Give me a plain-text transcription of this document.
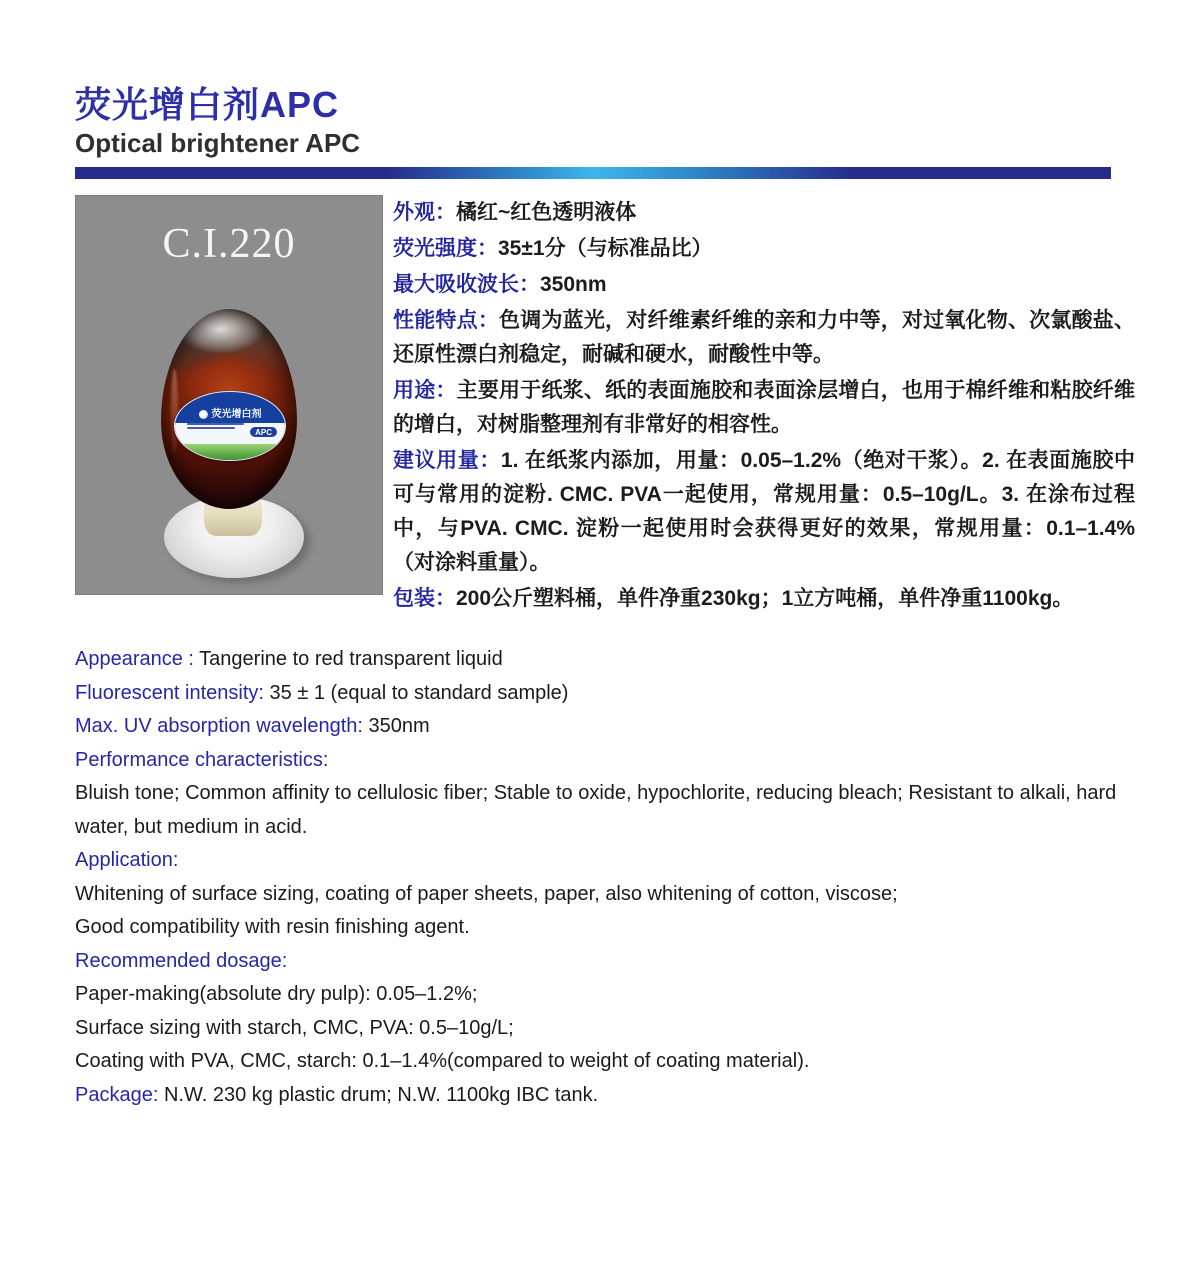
荧光增白剂APC
Optical brightener APC
C.I.220
荧光增白剂
APC

外观：橘红~红色透明液体

荧光强度：35±1分（与标准品比）

最大吸收波长：350nm

性能特点：色调为蓝光，对纤维素纤维的亲和力中等，对过氧化物、次氯酸盐、还原性漂白剂稳定，耐碱和硬水，耐酸性中等。

用途：主要用于纸浆、纸的表面施胶和表面涂层增白，也用于棉纤维和粘胶纤维的增白，对树脂整理剂有非常好的相容性。

建议用量：1. 在纸浆内添加，用量：0.05–1.2%（绝对干浆）。2. 在表面施胶中可与常用的淀粉. CMC. PVA一起使用，常规用量：0.5–10g/L。3. 在涂布过程中，与PVA. CMC. 淀粉一起使用时会获得更好的效果，常规用量：0.1–1.4%（对涂料重量）。

包装：200公斤塑料桶，单件净重230kg；1立方吨桶，单件净重1100kg。

Appearance : Tangerine to red transparent liquid

Fluorescent intensity: 35 ± 1 (equal to standard sample)

Max. UV absorption wavelength: 350nm

Performance characteristics:

Bluish tone; Common affinity to cellulosic fiber; Stable to oxide, hypochlorite, reducing bleach; Resistant to alkali, hard water, but medium in acid.

Application:

Whitening of surface sizing, coating of paper sheets, paper, also whitening of cotton, viscose;

Good compatibility with resin finishing agent.

Recommended dosage:

Paper-making(absolute dry pulp): 0.05–1.2%;

Surface sizing with starch, CMC, PVA: 0.5–10g/L;

Coating with PVA, CMC, starch: 0.1–1.4%(compared to weight of coating material).

Package: N.W. 230 kg plastic drum; N.W. 1100kg IBC tank.
